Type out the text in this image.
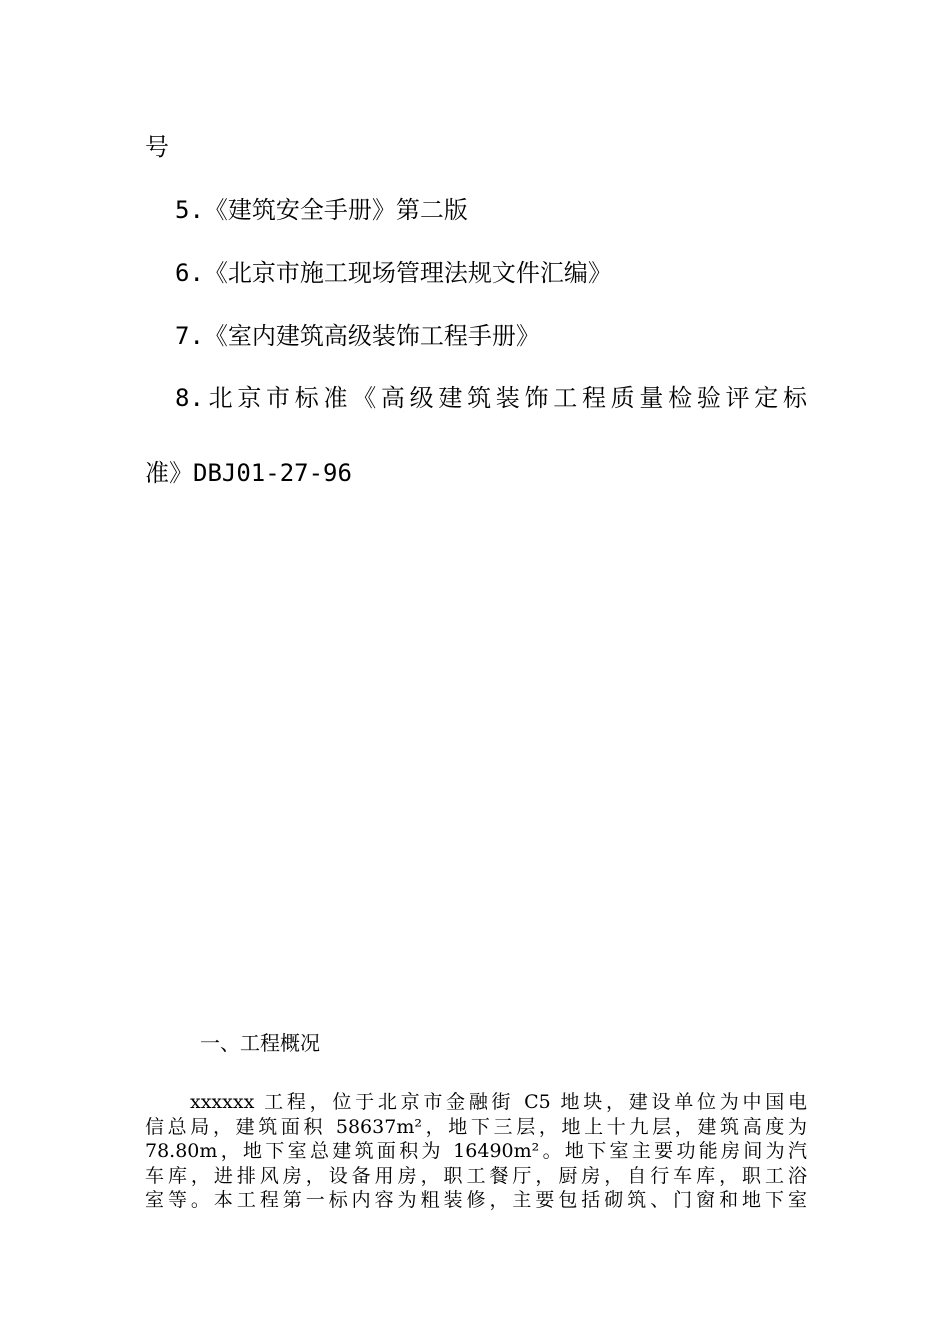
号
5.《建筑安全手册》第二版
6.《北京市施工现场管理法规文件汇编》
7.《室内建筑高级装饰工程手册》
8.北京市标准《高级建筑装饰工程质量检验评定标
准》DBJ01-27-96
一、工程概况
xxxxxx 工程，位于北京市金融街 C5 地块，建设单位为中国电
信总局，建筑面积 58637m²，地下三层，地上十九层，建筑高度为
78.80m，地下室总建筑面积为 16490m²。地下室主要功能房间为汽
车库，进排风房，设备用房，职工餐厅，厨房，自行车库，职工浴
室等。本工程第一标内容为粗装修，主要包括砌筑、门窗和地下室
